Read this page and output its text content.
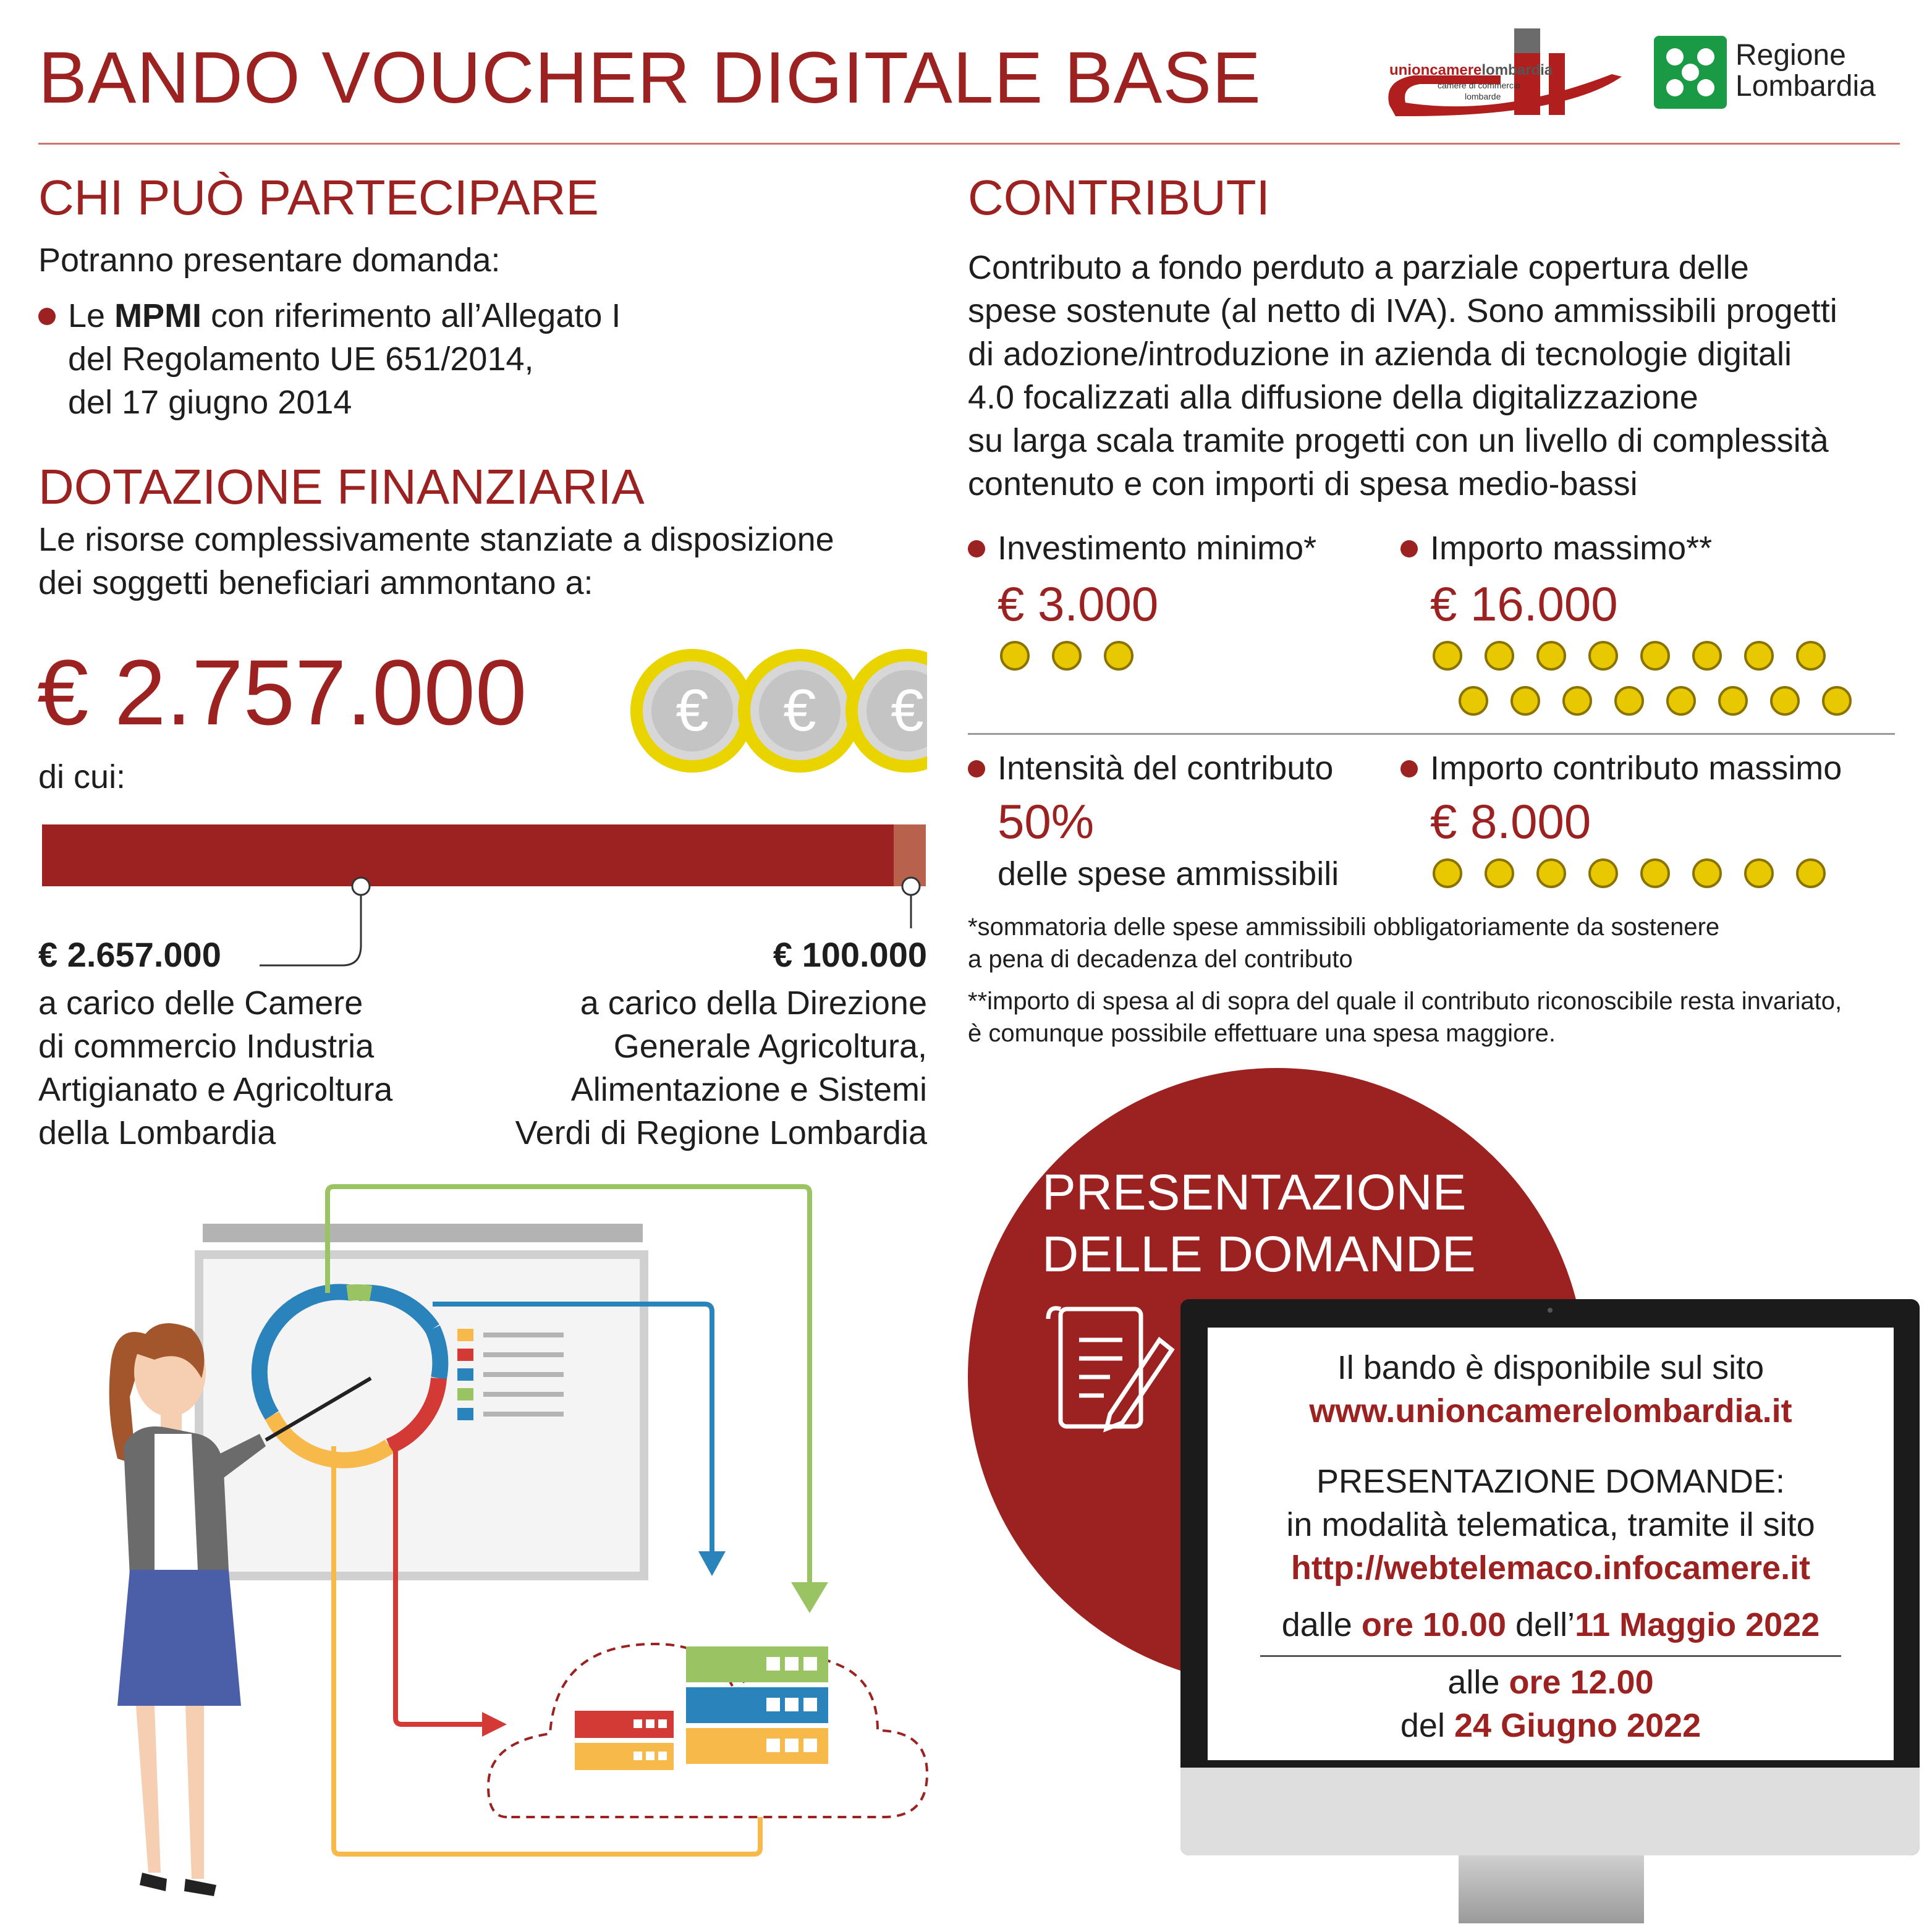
BANDO VOUCHER DIGITALE BASE	unioncamerelombardia
camere di commercio
lombarde
Regione
Lombardia
CHI PUÒ PARTECIPARE
Potranno presentare domanda:
Le MPMI con riferimento all’Allegato I
del Regolamento UE 651/2014,
del 17 giugno 2014
DOTAZIONE FINANZIARIA
Le risorse complessivamente stanziate a disposizione
dei soggetti beneficiari ammontano a:
€ 2.757.000
di cui:
€ € €
€ 2.657.000
a carico delle Camere
di commercio Industria
Artigianato e Agricoltura
della Lombardia
€ 100.000
a carico della Direzione
Generale Agricoltura,
Alimentazione e Sistemi
Verdi di Regione Lombardia
CONTRIBUTI
Contributo a fondo perduto a parziale copertura delle
spese sostenute (al netto di IVA). Sono ammissibili progetti
di adozione/introduzione in azienda di tecnologie digitali
4.0 focalizzati alla diffusione della digitalizzazione
su larga scala tramite progetti con un livello di complessità
contenuto e con importi di spesa medio-bassi
Investimento minimo*
€ 3.000
Importo massimo**
€ 16.000
Intensità del contributo
50%
delle spese ammissibili
Importo contributo massimo
€ 8.000
*sommatoria delle spese ammissibili obbligatoriamente da sostenere
a pena di decadenza del contributo
**importo di spesa al di sopra del quale il contributo riconoscibile resta invariato,
è comunque possibile effettuare una spesa maggiore.
PRESENTAZIONE
DELLE DOMANDE
Il bando è disponibile sul sito
www.unioncamerelombardia.it
PRESENTAZIONE DOMANDE:
in modalità telematica, tramite il sito
http://webtelemaco.infocamere.it
dalle ore 10.00 dell’11 Maggio 2022
alle ore 12.00
del 24 Giugno 2022
